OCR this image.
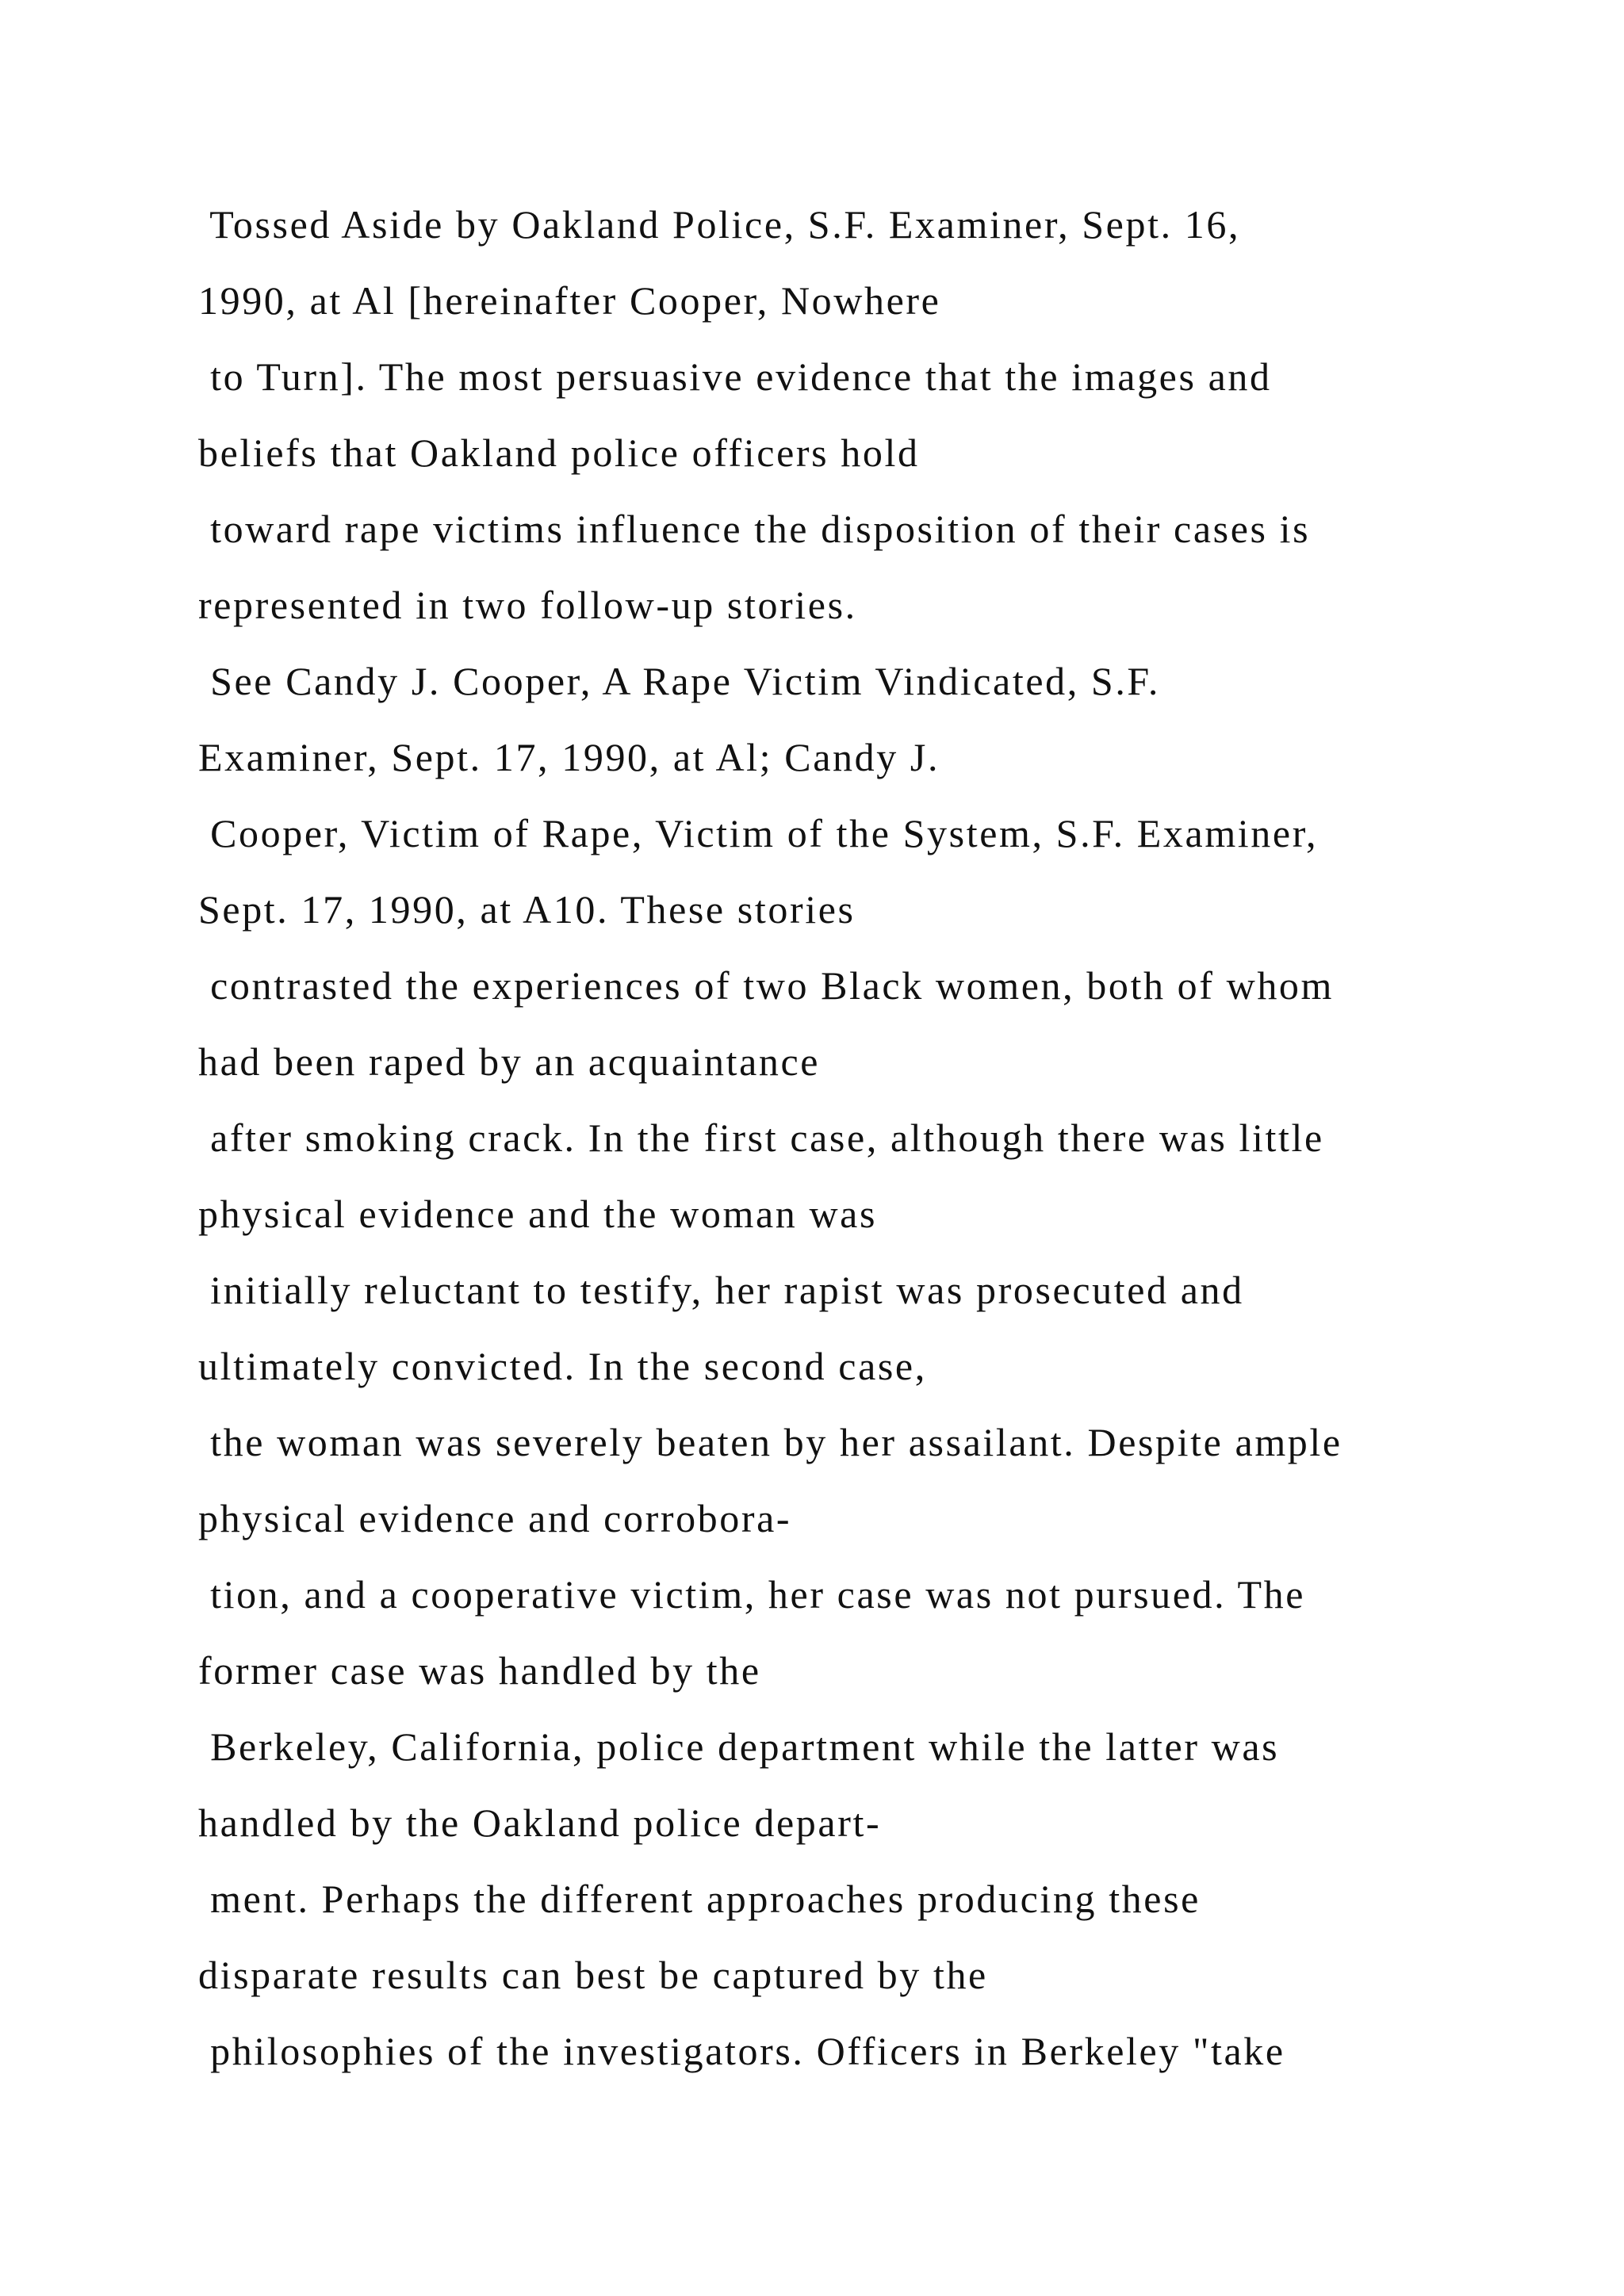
Tossed Aside by Oakland Police, S.F. Examiner, Sept. 16,
1990, at Al [hereinafter Cooper, Nowhere
to Turn]. The most persuasive evidence that the images and
beliefs that Oakland police officers hold
toward rape victims influence the disposition of their cases is
represented in two follow-up stories.
See Candy J. Cooper, A Rape Victim Vindicated, S.F.
Examiner, Sept. 17, 1990, at Al; Candy J.
Cooper, Victim of Rape, Victim of the System, S.F. Examiner,
Sept. 17, 1990, at A10. These stories
contrasted the experiences of two Black women, both of whom
had been raped by an acquaintance
after smoking crack. In the first case, although there was little
physical evidence and the woman was
initially reluctant to testify, her rapist was prosecuted and
ultimately convicted. In the second case,
the woman was severely beaten by her assailant. Despite ample
physical evidence and corrobora-
tion, and a cooperative victim, her case was not pursued. The
former case was handled by the
Berkeley, California, police department while the latter was
handled by the Oakland police depart-
ment. Perhaps the different approaches producing these
disparate results can best be captured by the
philosophies of the investigators. Officers in Berkeley "take
